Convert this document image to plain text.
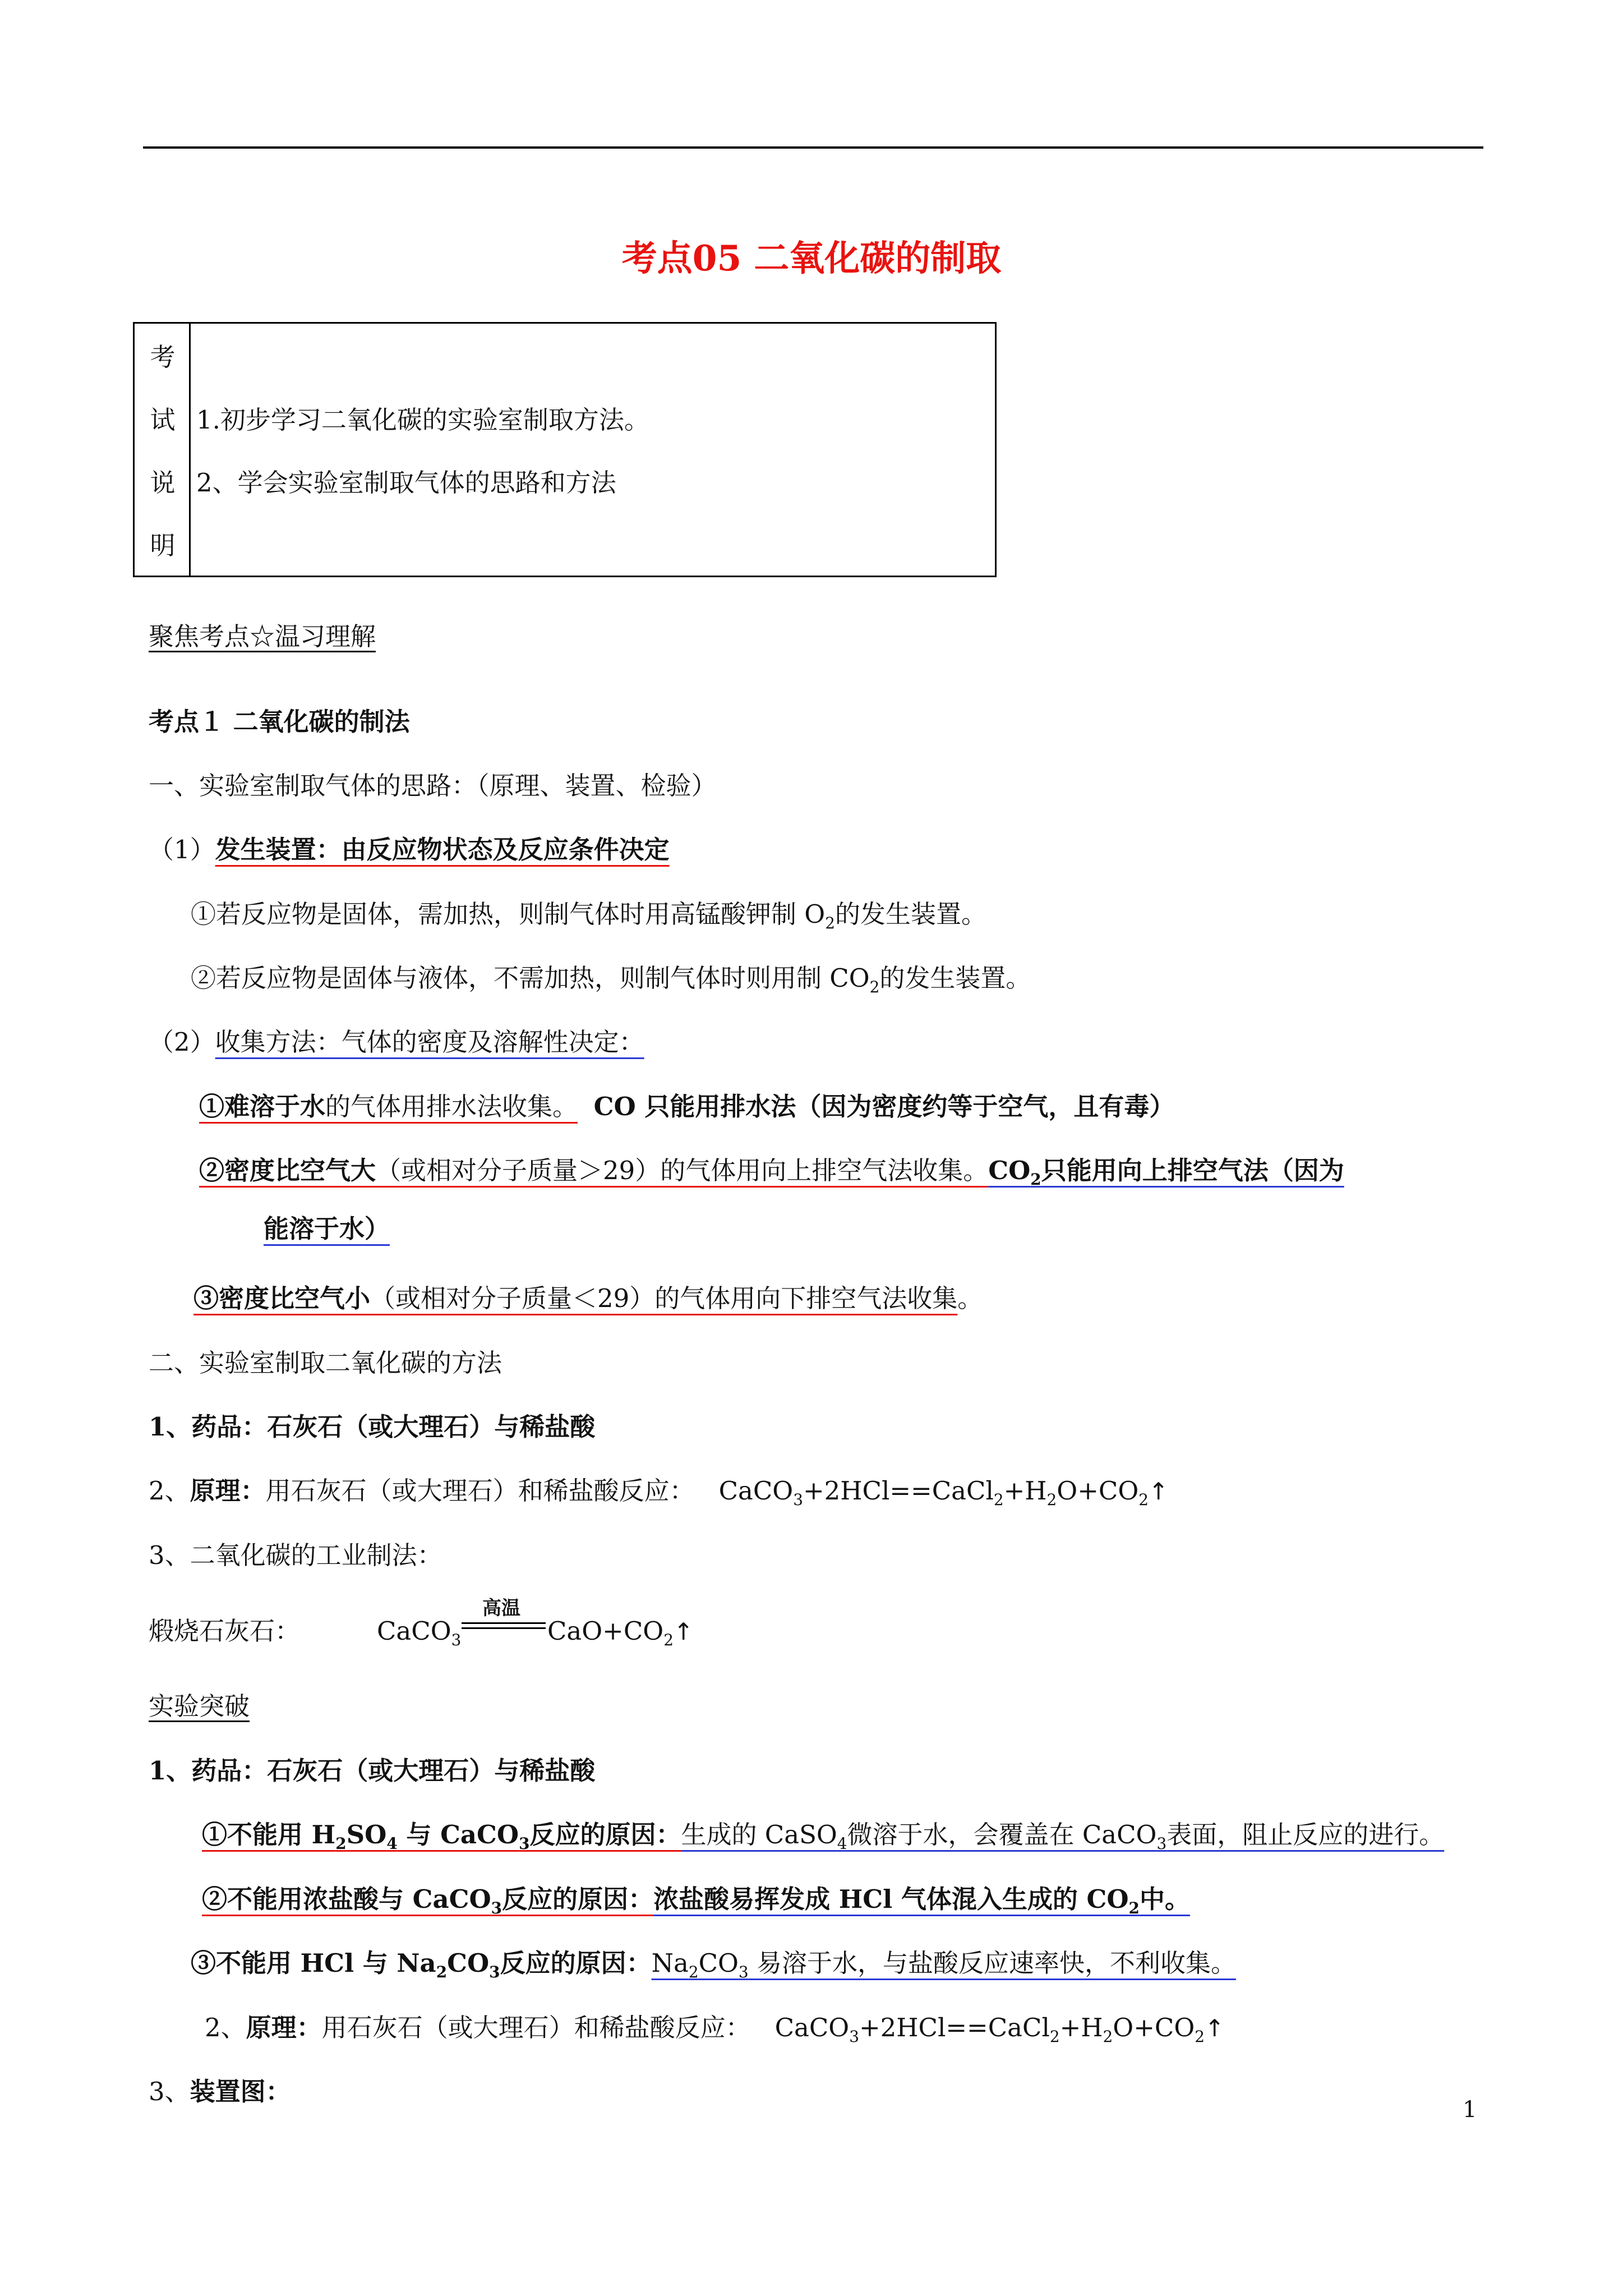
考点05 二氧化碳的制取
考
试
说
明
1.初步学习二氧化碳的实验室制取方法。
2、学会实验室制取气体的思路和方法
聚焦考点☆温习理解
考点１ 二氧化碳的制法
一、实验室制取气体的思路：（原理、装置、检验）
（1）发生装置：由反应物状态及反应条件决定
①若反应物是固体，需加热，则制气体时用高锰酸钾制 $O_2$的发生装置。
②若反应物是固体与液体，不需加热，则制气体时则用制 $CO_2$的发生装置。
（2）收集方法：气体的密度及溶解性决定：
①难溶于水的气体用排水法收集。 CO 只能用排水法（因为密度约等于空气，且有毒）
②密度比空气大（或相对分子质量＞29）的气体用向上排空气法收集。$CO_2$只能用向上排空气法（因为
能溶于水）
③密度比空气小（或相对分子质量＜29）的气体用向下排空气法收集。
二、实验室制取二氧化碳的方法
1、药品：石灰石（或大理石）与稀盐酸
2、原理：用石灰石（或大理石）和稀盐酸反应： $CaCO_3+2HCl==CaCl_2+H_2O+CO_2↑$
3、二氧化碳的工业制法：
煅烧石灰石：	CaCO$_3$
高温
$CaO+CO_2↑$
实验突破
1、药品：石灰石（或大理石）与稀盐酸
①不能用 $H_2SO_4$ 与 CaCO$_3$反应的原因：生成的 CaSO$_4$微溶于水，会覆盖在 CaCO$_3$表面，阻止反应的进行。
②不能用浓盐酸与 CaCO$_3$反应的原因：浓盐酸易挥发成 HCl 气体混入生成的 $CO_2$中。
③不能用 HCl 与 $Na_2CO_3$反应的原因：$Na_2CO_3$ 易溶于水，与盐酸反应速率快，不利收集。
2、原理：用石灰石（或大理石）和稀盐酸反应： $CaCO_3+2HCl==CaCl_2+H_2O+CO_2↑$
3、装置图：
1
